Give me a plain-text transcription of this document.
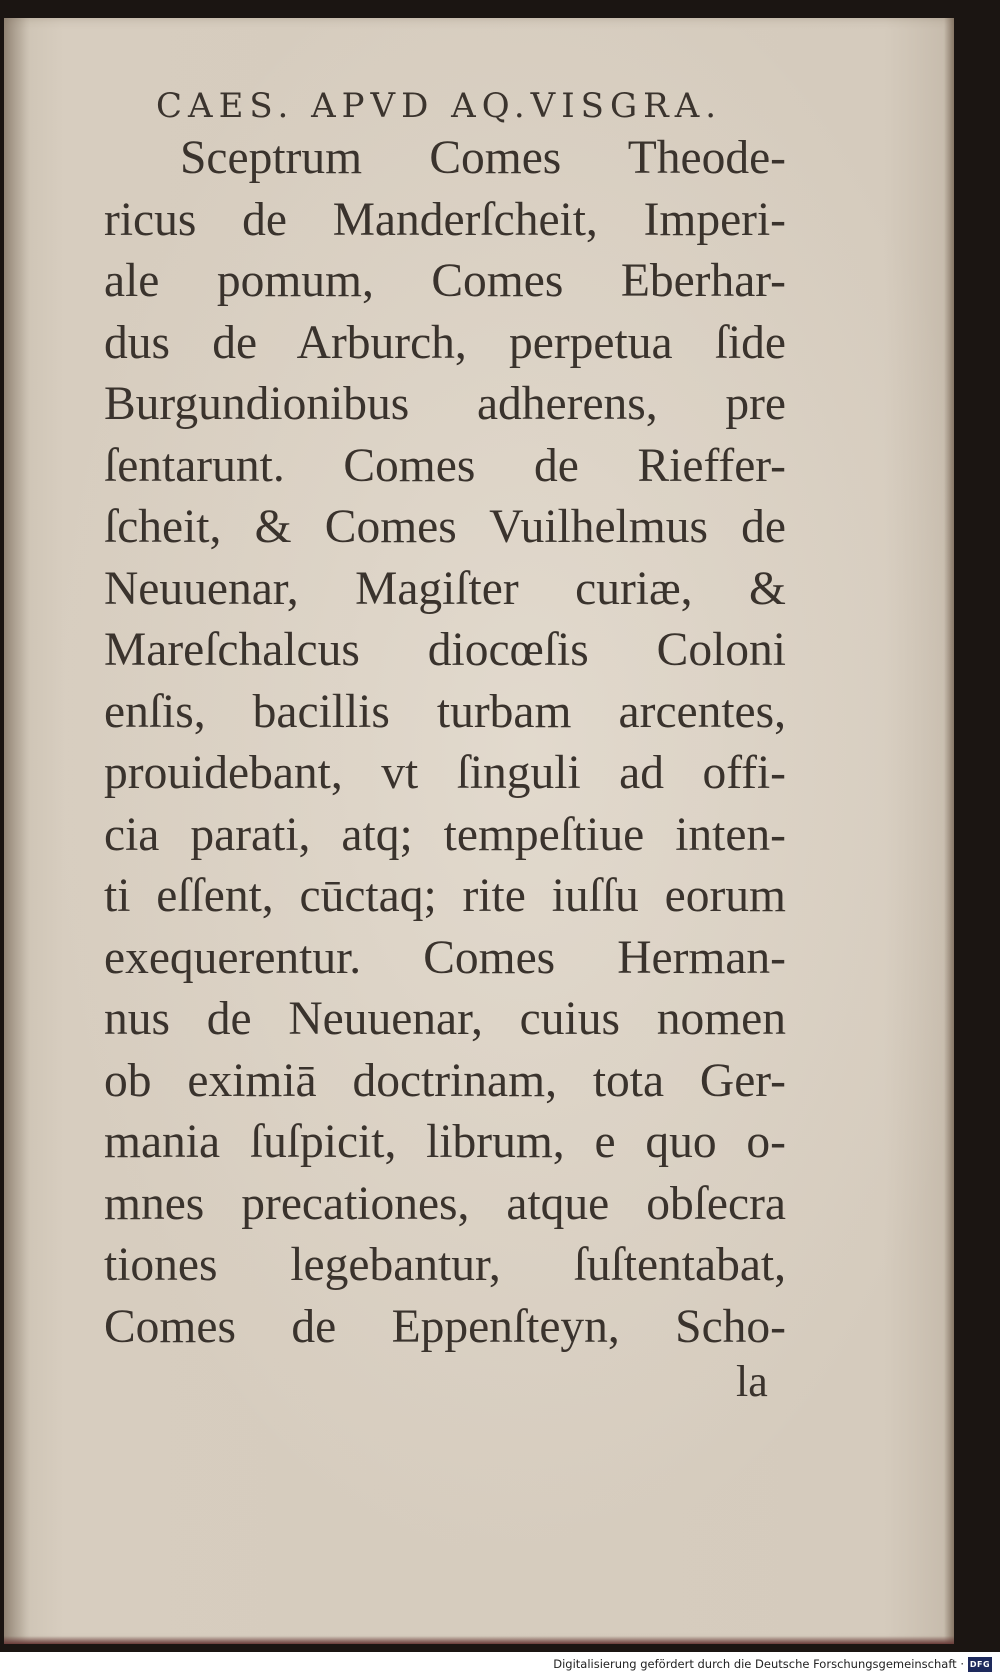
CAES. APVD AQ.VISGRA.
Sceptrum Comes Theode-
ricus de Manderſcheit, Imperi-
ale pomum, Comes Eberhar-
dus de Arburch, perpetua ſide
Burgundionibus adherens, pre
ſentarunt. Comes de Rieffer-
ſcheit, & Comes Vuilhelmus de
Neuuenar, Magiſter curiæ, &
Mareſchalcus diocœſis Coloni
enſis, bacillis turbam arcentes,
prouidebant, vt ſinguli ad offi-
cia parati, atq; tempeſtiue inten-
ti eſſent, cūctaq; rite iuſſu eorum
exequerentur. Comes Herman-
nus de Neuuenar, cuius nomen
ob eximiā doctrinam, tota Ger-
mania ſuſpicit, librum, e quo o-
mnes precationes, atque obſecra
tiones legebantur, ſuſtentabat,
Comes de Eppenſteyn, Scho-
la
Digitalisierung gefördert durch die Deutsche Forschungsgemeinschaft · DFG
